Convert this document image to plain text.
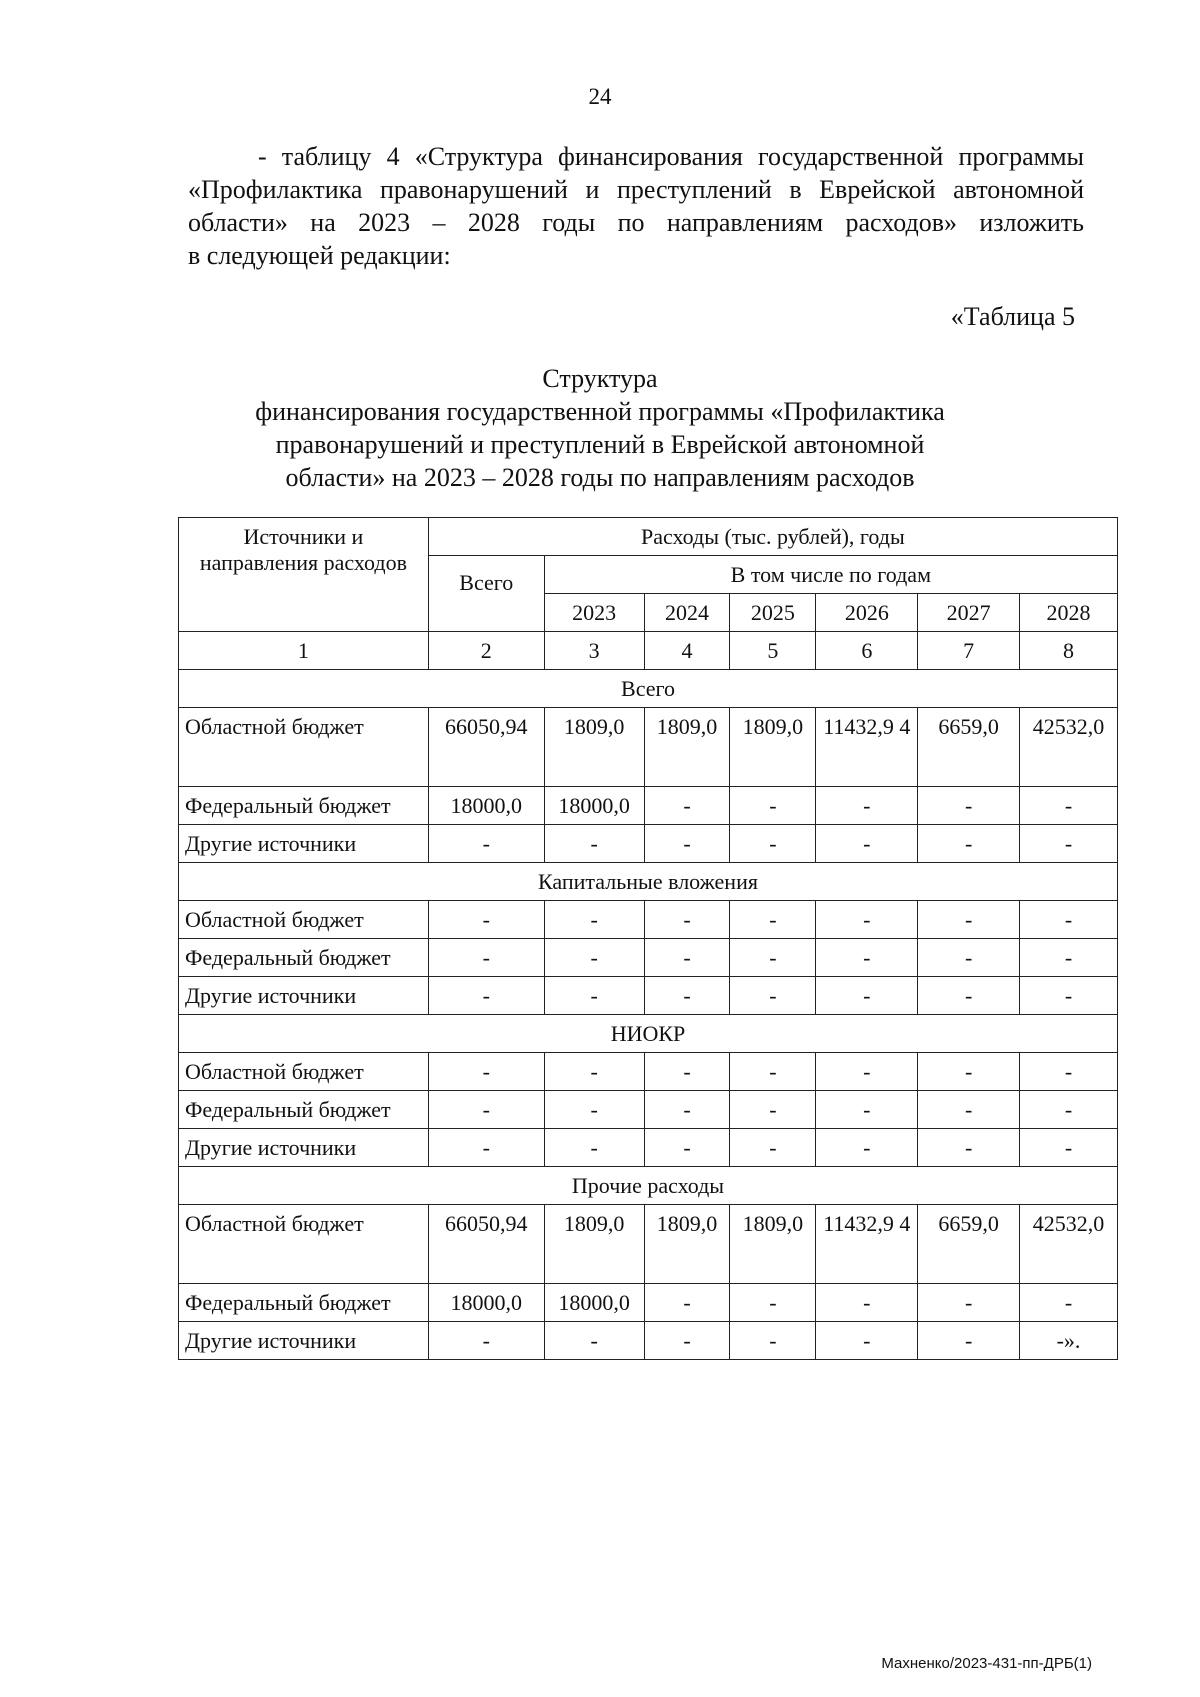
24
- таблицу 4 «Структура финансирования государственной программы
«Профилактика правонарушений и преступлений в Еврейской автономной
области» на 2023 – 2028 годы по направлениям расходов» изложить
в следующей редакции:
«Таблица 5
Структура
финансирования государственной программы «Профилактика
правонарушений и преступлений в Еврейской автономной
области» на 2023 – 2028 годы по направлениям расходов
Источники и направления расходов	Расходы (тыс. рублей), годы						
	Всего	В том числе по годам					
		2023	2024	2025	2026	2027	2028
1	2	3	4	5	6	7	8
Всего							
Областной бюджет	66050,94	1809,0	1809,0	1809,0	11432,9 4	6659,0	42532,0
Федеральный бюджет	18000,0	18000,0	-	-	-	-	-
Другие источники	-	-	-	-	-	-	-
Капитальные вложения							
Областной бюджет	-	-	-	-	-	-	-
Федеральный бюджет	-	-	-	-	-	-	-
Другие источники	-	-	-	-	-	-	-
НИОКР							
Областной бюджет	-	-	-	-	-	-	-
Федеральный бюджет	-	-	-	-	-	-	-
Другие источники	-	-	-	-	-	-	-
Прочие расходы							
Областной бюджет	66050,94	1809,0	1809,0	1809,0	11432,9 4	6659,0	42532,0
Федеральный бюджет	18000,0	18000,0	-	-	-	-	-
Другие источники	-	-	-	-	-	-	-».
Махненко/2023-431-пп-ДРБ(1)
